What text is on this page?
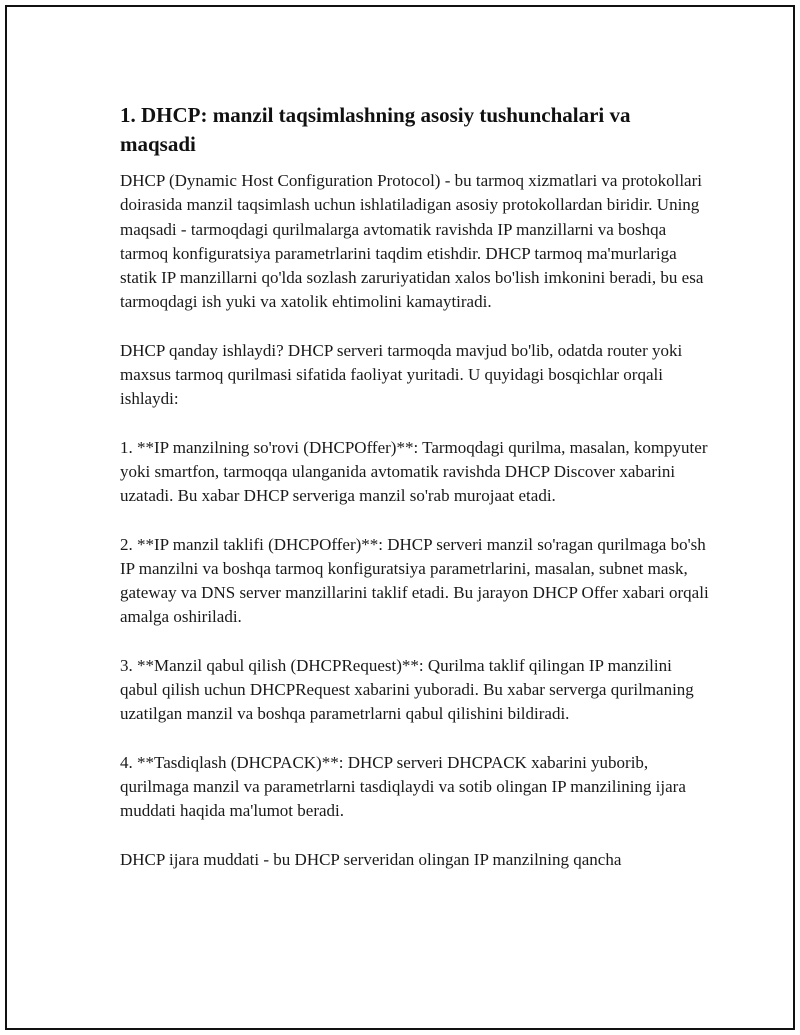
1. DHCP: manzil taqsimlashning asosiy tushunchalari va maqsadi

DHCP (Dynamic Host Configuration Protocol) - bu tarmoq xizmatlari va protokollari doirasida manzil taqsimlash uchun ishlatiladigan asosiy protokollardan biridir. Uning maqsadi - tarmoqdagi qurilmalarga avtomatik ravishda IP manzillarni va boshqa tarmoq konfiguratsiya parametrlarini taqdim etishdir. DHCP tarmoq ma'murlariga statik IP manzillarni qo'lda sozlash zaruriyatidan xalos bo'lish imkonini beradi, bu esa tarmoqdagi ish yuki va xatolik ehtimolini kamaytiradi.

DHCP qanday ishlaydi? DHCP serveri tarmoqda mavjud bo'lib, odatda router yoki maxsus tarmoq qurilmasi sifatida faoliyat yuritadi. U quyidagi bosqichlar orqali ishlaydi:

1. **IP manzilning so'rovi (DHCPOffer)**: Tarmoqdagi qurilma, masalan, kompyuter yoki smartfon, tarmoqqa ulanganida avtomatik ravishda DHCP Discover xabarini uzatadi. Bu xabar DHCP serveriga manzil so'rab murojaat etadi.

2. **IP manzil taklifi (DHCPOffer)**: DHCP serveri manzil so'ragan qurilmaga bo'sh IP manzilni va boshqa tarmoq konfiguratsiya parametrlarini, masalan, subnet mask, gateway va DNS server manzillarini taklif etadi. Bu jarayon DHCP Offer xabari orqali amalga oshiriladi.

3. **Manzil qabul qilish (DHCPRequest)**: Qurilma taklif qilingan IP manzilini qabul qilish uchun DHCPRequest xabarini yuboradi. Bu xabar serverga qurilmaning uzatilgan manzil va boshqa parametrlarni qabul qilishini bildiradi.

4. **Tasdiqlash (DHCPACK)**: DHCP serveri DHCPACK xabarini yuborib, qurilmaga manzil va parametrlarni tasdiqlaydi va sotib olingan IP manzilining ijara muddati haqida ma'lumot beradi.

DHCP ijara muddati - bu DHCP serveridan olingan IP manzilning qancha
